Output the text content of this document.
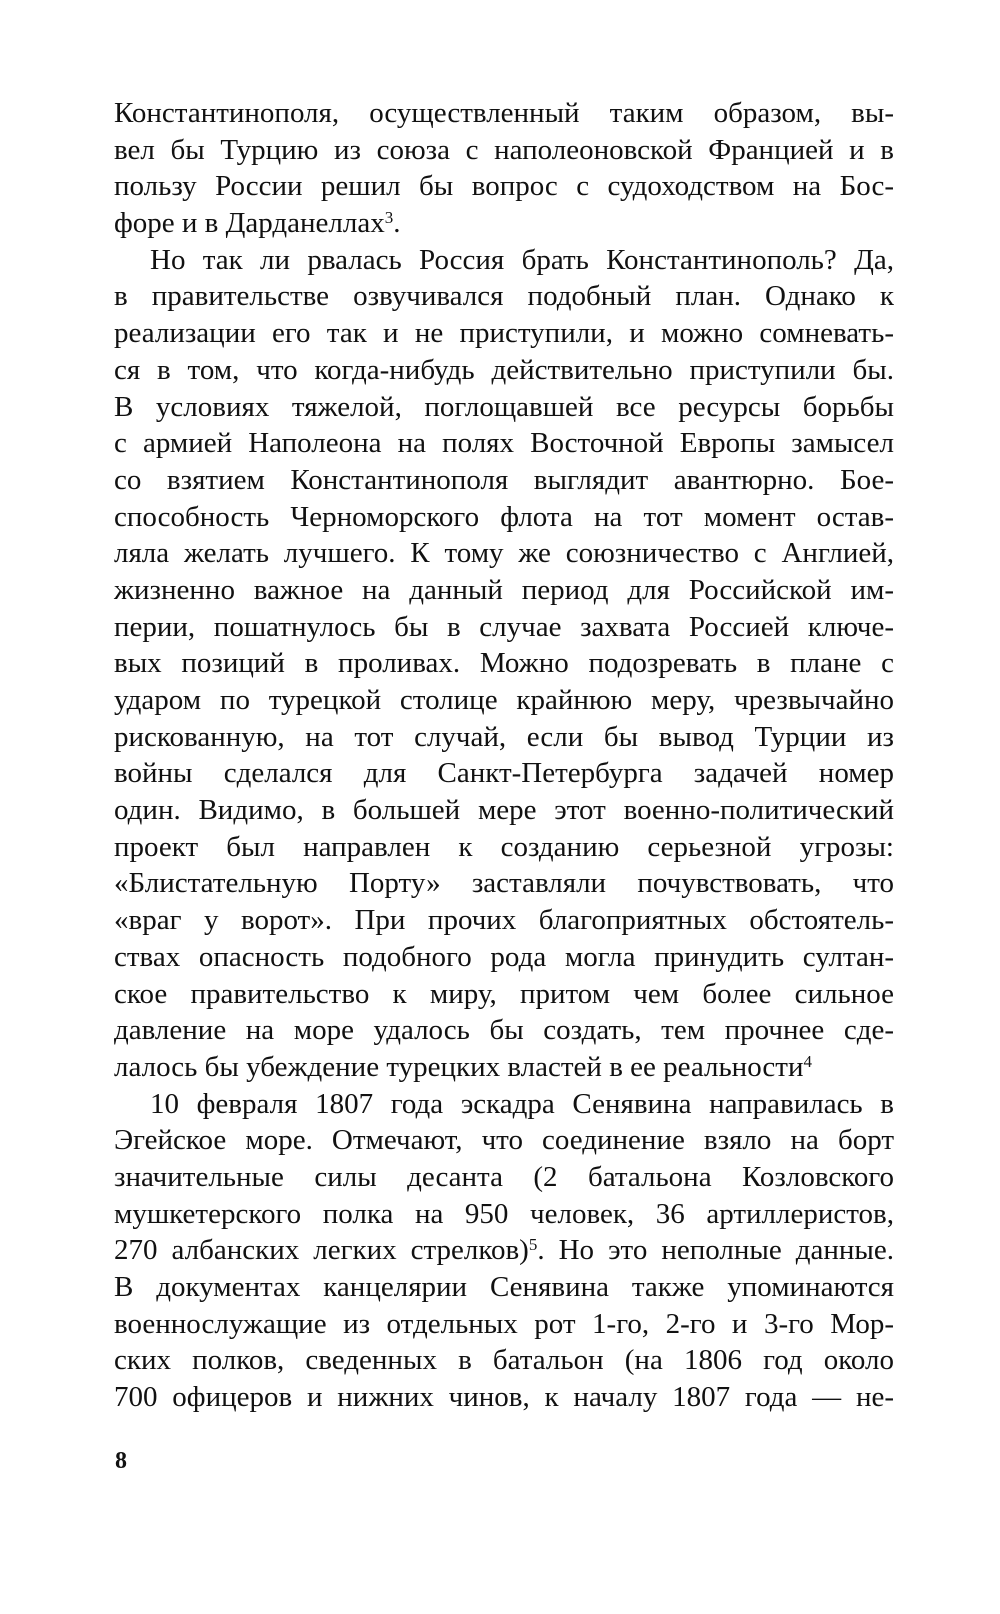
Константинополя, осуществленный таким образом, вы-
вел бы Турцию из союза с наполеоновской Францией и в
пользу России решил бы вопрос с судоходством на Бос-
форе и в Дарданеллах$^3$.
Но так ли рвалась Россия брать Константинополь? Да,
в правительстве озвучивался подобный план. Однако к
реализации его так и не приступили, и можно сомневать-
ся в том, что когда-нибудь действительно приступили бы.
В условиях тяжелой, поглощавшей все ресурсы борьбы
с армией Наполеона на полях Восточной Европы замысел
со взятием Константинополя выглядит авантюрно. Бое-
способность Черноморского флота на тот момент остав-
ляла желать лучшего. К тому же союзничество с Англией,
жизненно важное на данный период для Российской им-
перии, пошатнулось бы в случае захвата Россией ключе-
вых позиций в проливах. Можно подозревать в плане с
ударом по турецкой столице крайнюю меру, чрезвычайно
рискованную, на тот случай, если бы вывод Турции из
войны сделался для Санкт-Петербурга задачей номер
один. Видимо, в большей мере этот военно-политический
проект был направлен к созданию серьезной угрозы:
«Блистательную Порту» заставляли почувствовать, что
«враг у ворот». При прочих благоприятных обстоятель-
ствах опасность подобного рода могла принудить султан-
ское правительство к миру, притом чем более сильное
давление на море удалось бы создать, тем прочнее сде-
лалось бы убеждение турецких властей в ее реальности$^4$
10 февраля 1807 года эскадра Сенявина направилась в
Эгейское море. Отмечают, что соединение взяло на борт
значительные силы десанта (2 батальона Козловского
мушкетерского полка на 950 человек, 36 артиллеристов,
270 албанских легких стрелков)$^5$. Но это неполные данные.
В документах канцелярии Сенявина также упоминаются
военнослужащие из отдельных рот 1-го, 2-го и 3-го Мор-
ских полков, сведенных в батальон (на 1806 год около
700 офицеров и нижних чинов, к началу 1807 года — не-
8
